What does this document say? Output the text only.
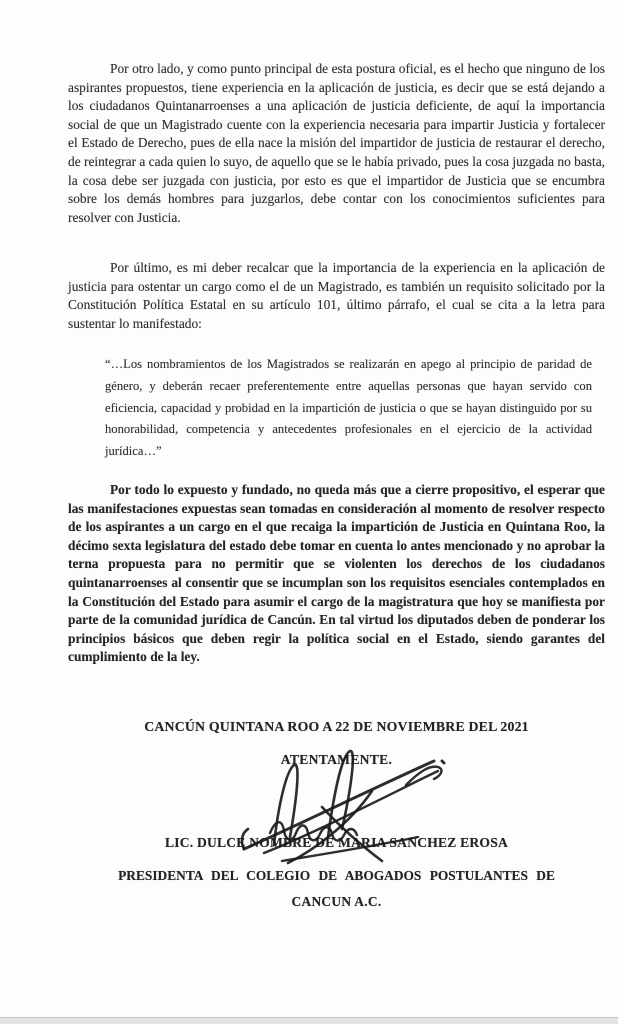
Por otro lado, y como punto principal de esta postura oficial, es el hecho que ninguno de los aspirantes propuestos, tiene experiencia en la aplicación de justicia, es decir que se está dejando a los ciudadanos Quintanarroenses a una aplicación de justicia deficiente, de aquí la importancia social de que un Magistrado cuente con la experiencia necesaria para impartir Justicia y fortalecer el Estado de Derecho, pues de ella nace la misión del impartidor de justicia de restaurar el derecho, de reintegrar a cada quien lo suyo, de aquello que se le había privado, pues la cosa juzgada no basta, la cosa debe ser juzgada con justicia, por esto es que el impartidor de Justicia que se encumbra sobre los demás hombres para juzgarlos, debe contar con los conocimientos suficientes para resolver con Justicia.

Por último, es mi deber recalcar que la importancia de la experiencia en la aplicación de justicia para ostentar un cargo como el de un Magistrado, es también un requisito solicitado por la Constitución Política Estatal en su artículo 101, último párrafo, el cual se cita a la letra para sustentar lo manifestado:

“…Los nombramientos de los Magistrados se realizarán en apego al principio de paridad de género, y deberán recaer preferentemente entre aquellas personas que hayan servido con eficiencia, capacidad y probidad en la impartición de justicia o que se hayan distinguido por su honorabilidad, competencia y antecedentes profesionales en el ejercicio de la actividad jurídica…”

Por todo lo expuesto y fundado, no queda más que a cierre propositivo, el esperar que las manifestaciones expuestas sean tomadas en consideración al momento de resolver respecto de los aspirantes a un cargo en el que recaiga la impartición de Justicia en Quintana Roo, la décimo sexta legislatura del estado debe tomar en cuenta lo antes mencionado y no aprobar la terna propuesta para no permitir que se violenten los derechos de los ciudadanos quintanarroenses al consentir que se incumplan son los requisitos esenciales contemplados en la Constitución del Estado para asumir el cargo de la magistratura que hoy se manifiesta por parte de la comunidad jurídica de Cancún. En tal virtud los diputados deben de ponderar los principios básicos que deben regir la política social en el Estado, siendo garantes del cumplimiento de la ley.

CANCÚN QUINTANA ROO A 22 DE NOVIEMBRE DEL 2021
ATENTAMENTE.
LIC. DULCE NOMBRE DE MARIA SANCHEZ EROSA
PRESIDENTA DEL COLEGIO DE ABOGADOS POSTULANTES DE
CANCUN A.C.
